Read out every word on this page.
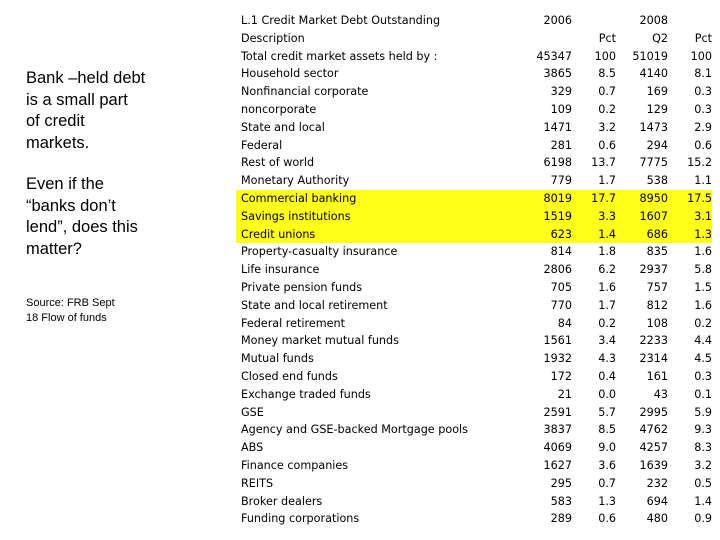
Bank –held debt
is a small part
of credit
markets.

Even if the
“banks don’t
lend”, does this
matter?

Source: FRB Sept
18 Flow of funds

L.1 Credit Market Debt Outstanding	2006		2008	
Description		Pct	Q2	Pct
Total credit market assets held by :	45347	100	51019	100
Household sector	3865	8.5	4140	8.1
Nonfinancial corporate	329	0.7	169	0.3
noncorporate	109	0.2	129	0.3
State and local	1471	3.2	1473	2.9
Federal	281	0.6	294	0.6
Rest of world	6198	13.7	7775	15.2
Monetary Authority	779	1.7	538	1.1
Commercial banking	8019	17.7	8950	17.5
Savings institutions	1519	3.3	1607	3.1
Credit unions	623	1.4	686	1.3
Property-casualty insurance	814	1.8	835	1.6
Life insurance	2806	6.2	2937	5.8
Private pension funds	705	1.6	757	1.5
State and local retirement	770	1.7	812	1.6
Federal retirement	84	0.2	108	0.2
Money market mutual funds	1561	3.4	2233	4.4
Mutual funds	1932	4.3	2314	4.5
Closed end funds	172	0.4	161	0.3
Exchange traded funds	21	0.0	43	0.1
GSE	2591	5.7	2995	5.9
Agency and GSE-backed Mortgage pools	3837	8.5	4762	9.3
ABS	4069	9.0	4257	8.3
Finance companies	1627	3.6	1639	3.2
REITS	295	0.7	232	0.5
Broker dealers	583	1.3	694	1.4
Funding corporations	289	0.6	480	0.9
